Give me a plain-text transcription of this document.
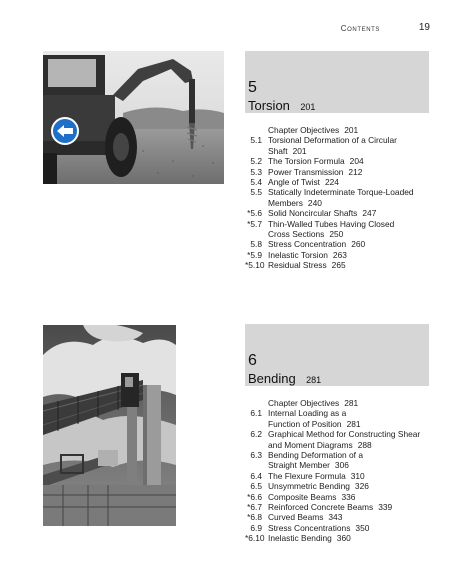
Contents	19
5
Torsion 201
Chapter Objectives 201
5.1 Torsional Deformation of a Circular
Shaft 201
5.2 The Torsion Formula 204
5.3 Power Transmission 212
5.4 Angle of Twist 224
5.5 Statically Indeterminate Torque-Loaded
Members 240
*5.6 Solid Noncircular Shafts 247
*5.7 Thin-Walled Tubes Having Closed
Cross Sections 250
5.8 Stress Concentration 260
*5.9 Inelastic Torsion 263
*5.10 Residual Stress 265
6
Bending 281
Chapter Objectives 281
6.1 Internal Loading as a
Function of Position 281
6.2 Graphical Method for Constructing Shear
and Moment Diagrams 288
6.3 Bending Deformation of a
Straight Member 306
6.4 The Flexure Formula 310
6.5 Unsymmetric Bending 326
*6.6 Composite Beams 336
*6.7 Reinforced Concrete Beams 339
*6.8 Curved Beams 343
6.9 Stress Concentrations 350
*6.10 Inelastic Bending 360
